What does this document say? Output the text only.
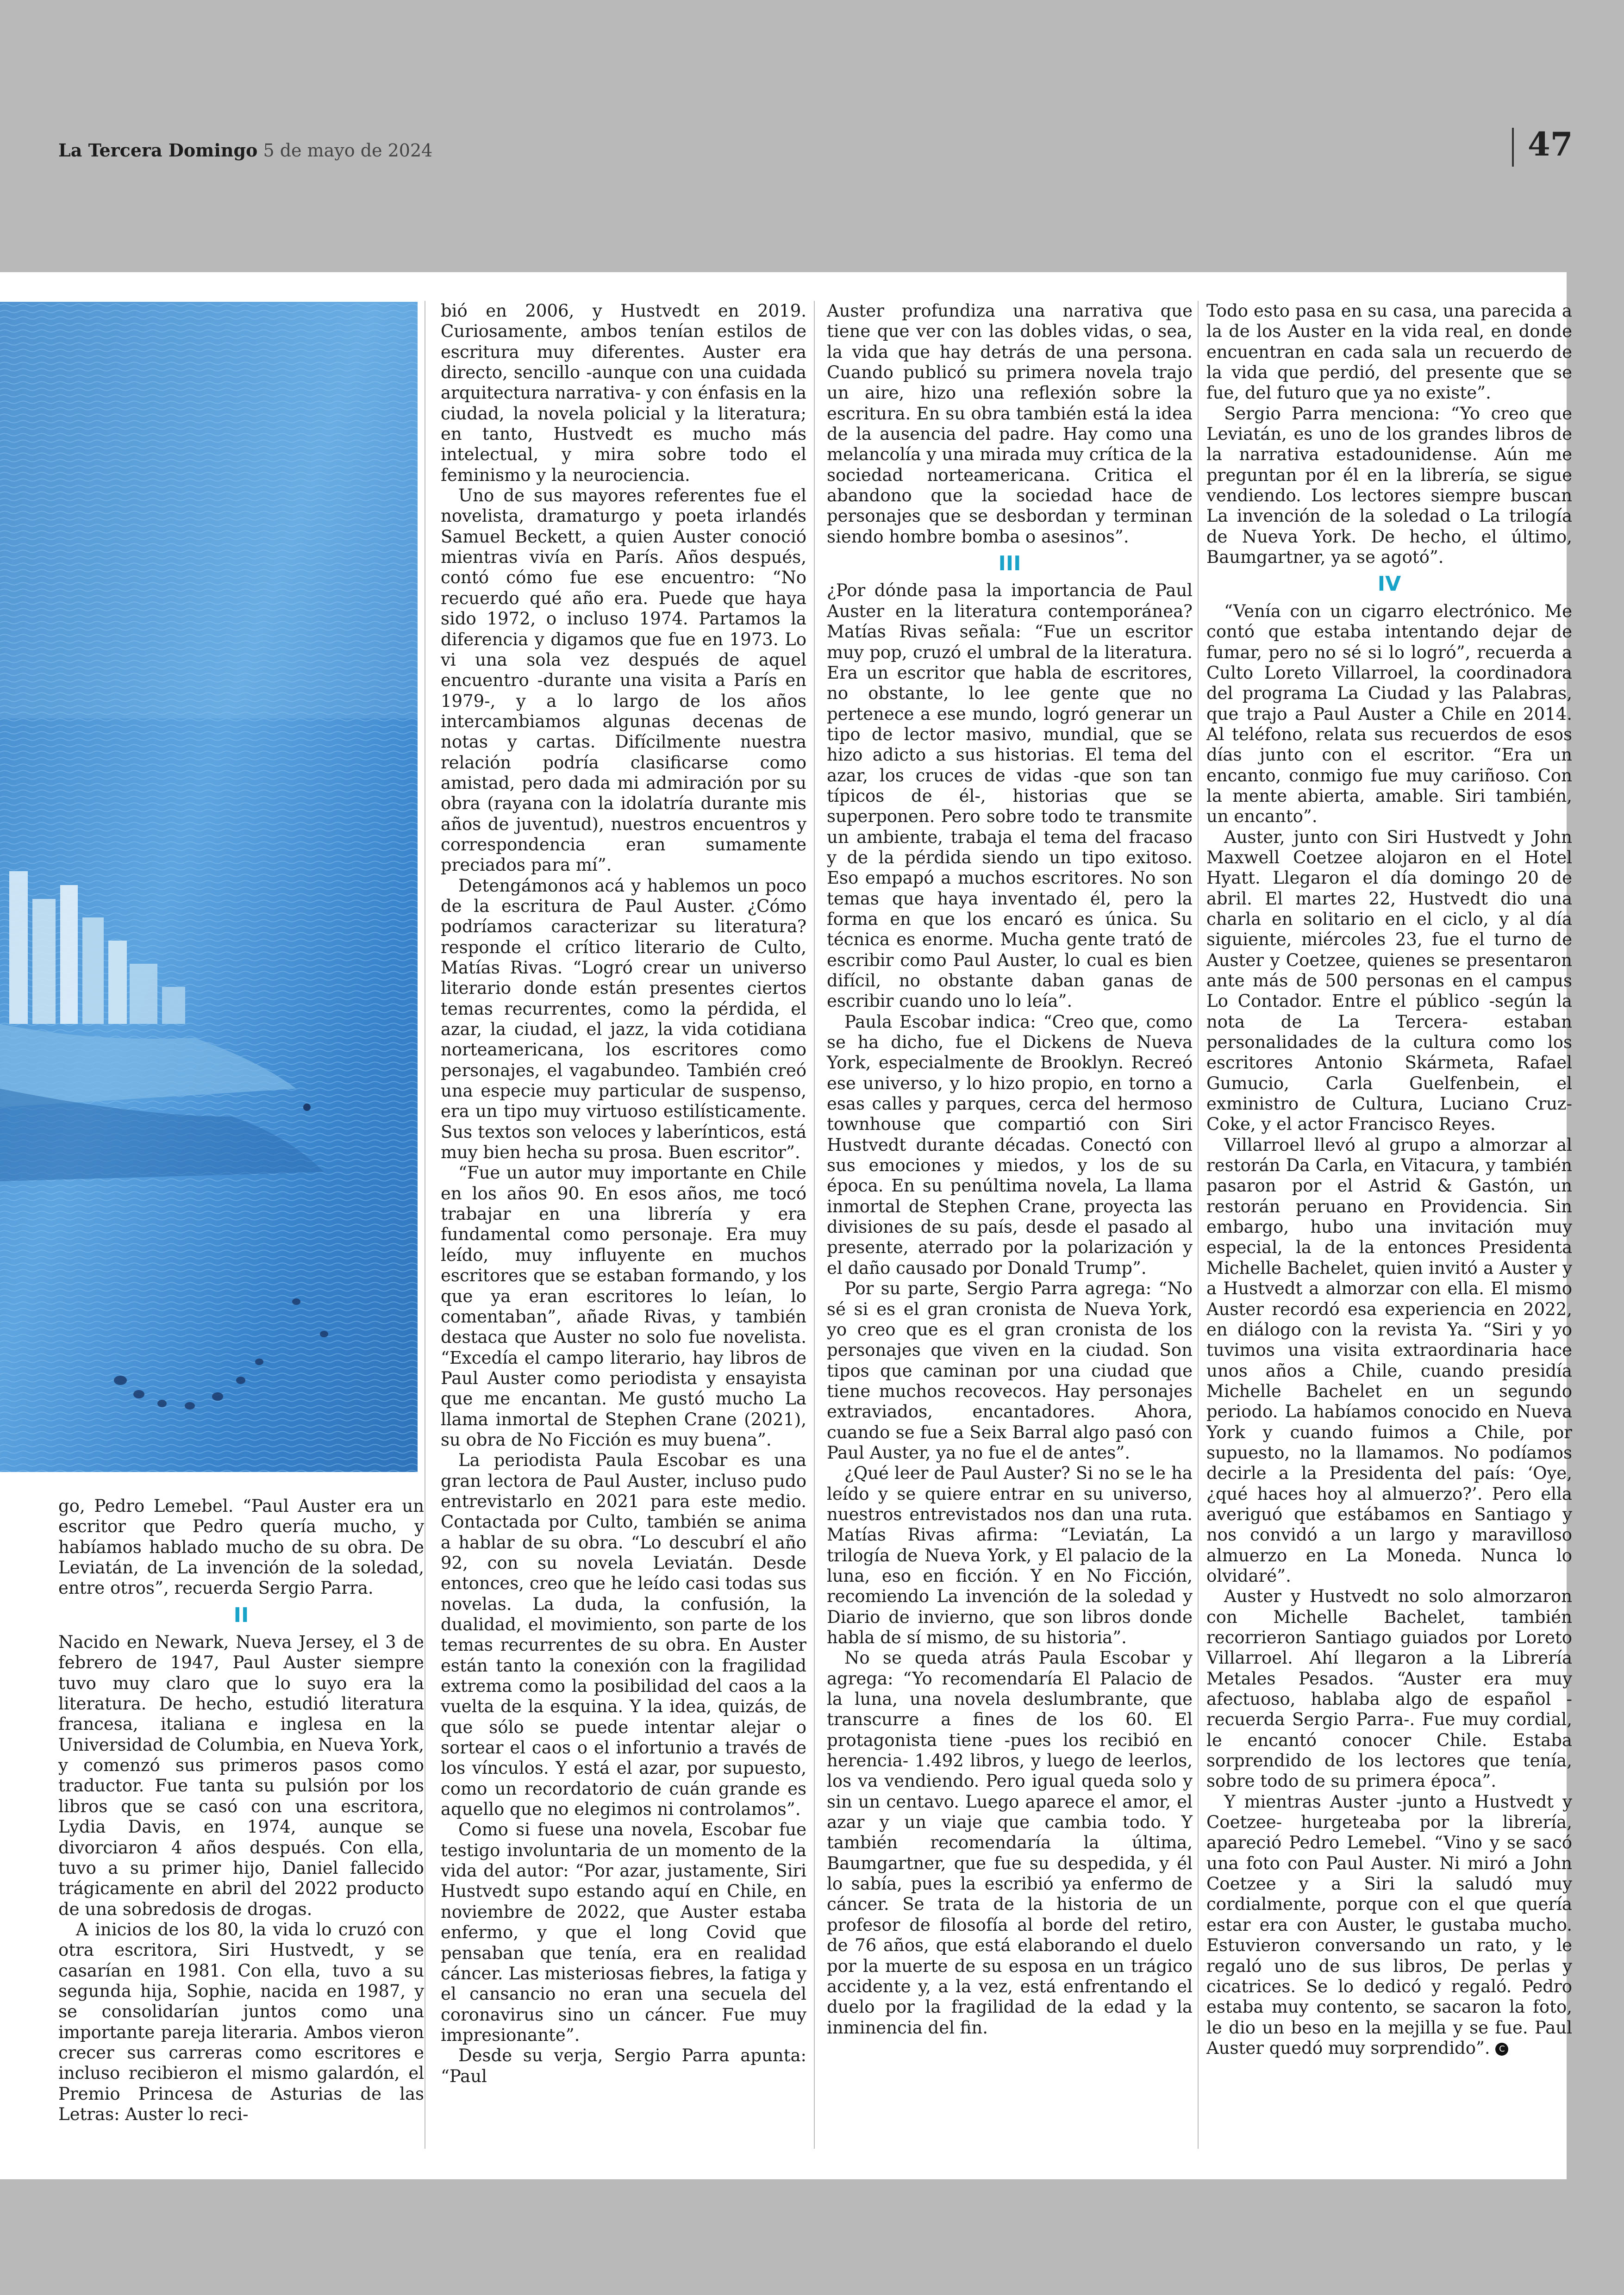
La Tercera Domingo 5 de mayo de 2024	47

go, Pedro Lemebel. “Paul Auster era un escritor que Pedro quería mucho, y habíamos hablado mucho de su obra. De Leviatán, de La invención de la soledad, entre otros”, recuerda Sergio Parra.

II

Nacido en Newark, Nueva Jersey, el 3 de febrero de 1947, Paul Auster siempre tuvo muy claro que lo suyo era la literatura. De hecho, estudió literatura francesa, italiana e inglesa en la Universidad de Columbia, en Nueva York, y comenzó sus primeros pasos como traductor. Fue tanta su pulsión por los libros que se casó con una escritora, Lydia Davis, en 1974, aunque se divorciaron 4 años después. Con ella, tuvo a su primer hijo, Daniel fallecido trágicamente en abril del 2022 producto de una sobredosis de drogas.

A inicios de los 80, la vida lo cruzó con otra escritora, Siri Hustvedt, y se casarían en 1981. Con ella, tuvo a su segunda hija, Sophie, nacida en 1987, y se consolidarían juntos como una importante pareja literaria. Ambos vieron crecer sus carreras como escritores e incluso recibieron el mismo galardón, el Premio Princesa de Asturias de las Letras: Auster lo reci-

bió en 2006, y Hustvedt en 2019. Curiosamente, ambos tenían estilos de escritura muy diferentes. Auster era directo, sencillo -aunque con una cuidada arquitectura narrativa- y con énfasis en la ciudad, la novela policial y la literatura; en tanto, Hustvedt es mucho más intelectual, y mira sobre todo el feminismo y la neurociencia.

Uno de sus mayores referentes fue el novelista, dramaturgo y poeta irlandés Samuel Beckett, a quien Auster conoció mientras vivía en París. Años después, contó cómo fue ese encuentro: “No recuerdo qué año era. Puede que haya sido 1972, o incluso 1974. Partamos la diferencia y digamos que fue en 1973. Lo vi una sola vez después de aquel encuentro -durante una visita a París en 1979-, y a lo largo de los años intercambiamos algunas decenas de notas y cartas. Difícilmente nuestra relación podría clasificarse como amistad, pero dada mi admiración por su obra (rayana con la idolatría durante mis años de juventud), nuestros encuentros y correspondencia eran sumamente preciados para mí”.

Detengámonos acá y hablemos un poco de la escritura de Paul Auster. ¿Cómo podríamos caracterizar su literatura? responde el crítico literario de Culto, Matías Rivas. “Logró crear un universo literario donde están presentes ciertos temas recurrentes, como la pérdida, el azar, la ciudad, el jazz, la vida cotidiana norteamericana, los escritores como personajes, el vagabundeo. También creó una especie muy particular de suspenso, era un tipo muy virtuoso estilísticamente. Sus textos son veloces y laberínticos, está muy bien hecha su prosa. Buen escritor”.

“Fue un autor muy importante en Chile en los años 90. En esos años, me tocó trabajar en una librería y era fundamental como personaje. Era muy leído, muy influyente en muchos escritores que se estaban formando, y los que ya eran escritores lo leían, lo comentaban”, añade Rivas, y también destaca que Auster no solo fue novelista. “Excedía el campo literario, hay libros de Paul Auster como periodista y ensayista que me encantan. Me gustó mucho La llama inmortal de Stephen Crane (2021), su obra de No Ficción es muy buena”.

La periodista Paula Escobar es una gran lectora de Paul Auster, incluso pudo entrevistarlo en 2021 para este medio. Contactada por Culto, también se anima a hablar de su obra. “Lo descubrí el año 92, con su novela Leviatán. Desde entonces, creo que he leído casi todas sus novelas. La duda, la confusión, la dualidad, el movimiento, son parte de los temas recurrentes de su obra. En Auster están tanto la conexión con la fragilidad extrema como la posibilidad del caos a la vuelta de la esquina. Y la idea, quizás, de que sólo se puede intentar alejar o sortear el caos o el infortunio a través de los vínculos. Y está el azar, por supuesto, como un recordatorio de cuán grande es aquello que no elegimos ni controlamos”.

Como si fuese una novela, Escobar fue testigo involuntaria de un momento de la vida del autor: “Por azar, justamente, Siri Hustvedt supo estando aquí en Chile, en noviembre de 2022, que Auster estaba enfermo, y que el long Covid que pensaban que tenía, era en realidad cáncer. Las misteriosas fiebres, la fatiga y el cansancio no eran una secuela del coronavirus sino un cáncer. Fue muy impresionante”.

Desde su verja, Sergio Parra apunta: “Paul

Auster profundiza una narrativa que tiene que ver con las dobles vidas, o sea, la vida que hay detrás de una persona. Cuando publicó su primera novela trajo un aire, hizo una reflexión sobre la escritura. En su obra también está la idea de la ausencia del padre. Hay como una melancolía y una mirada muy crítica de la sociedad norteamericana. Critica el abandono que la sociedad hace de personajes que se desbordan y terminan siendo hombre bomba o asesinos”.

III

¿Por dónde pasa la importancia de Paul Auster en la literatura contemporánea? Matías Rivas señala: “Fue un escritor muy pop, cruzó el umbral de la literatura. Era un escritor que habla de escritores, no obstante, lo lee gente que no pertenece a ese mundo, logró generar un tipo de lector masivo, mundial, que se hizo adicto a sus historias. El tema del azar, los cruces de vidas -que son tan típicos de él-, historias que se superponen. Pero sobre todo te transmite un ambiente, trabaja el tema del fracaso y de la pérdida siendo un tipo exitoso. Eso empapó a muchos escritores. No son temas que haya inventado él, pero la forma en que los encaró es única. Su técnica es enorme. Mucha gente trató de escribir como Paul Auster, lo cual es bien difícil, no obstante daban ganas de escribir cuando uno lo leía”.

Paula Escobar indica: “Creo que, como se ha dicho, fue el Dickens de Nueva York, especialmente de Brooklyn. Recreó ese universo, y lo hizo propio, en torno a esas calles y parques, cerca del hermoso townhouse que compartió con Siri Hustvedt durante décadas. Conectó con sus emociones y miedos, y los de su época. En su penúltima novela, La llama inmortal de Stephen Crane, proyecta las divisiones de su país, desde el pasado al presente, aterrado por la polarización y el daño causado por Donald Trump”.

Por su parte, Sergio Parra agrega: “No sé si es el gran cronista de Nueva York, yo creo que es el gran cronista de los personajes que viven en la ciudad. Son tipos que caminan por una ciudad que tiene muchos recovecos. Hay personajes extraviados, encantadores. Ahora, cuando se fue a Seix Barral algo pasó con Paul Auster, ya no fue el de antes”.

¿Qué leer de Paul Auster? Si no se le ha leído y se quiere entrar en su universo, nuestros entrevistados nos dan una ruta. Matías Rivas afirma: “Leviatán, La trilogía de Nueva York, y El palacio de la luna, eso en ficción. Y en No Ficción, recomiendo La invención de la soledad y Diario de invierno, que son libros donde habla de sí mismo, de su historia”.

No se queda atrás Paula Escobar y agrega: “Yo recomendaría El Palacio de la luna, una novela deslumbrante, que transcurre a fines de los 60. El protagonista tiene -pues los recibió en herencia- 1.492 libros, y luego de leerlos, los va vendiendo. Pero igual queda solo y sin un centavo. Luego aparece el amor, el azar y un viaje que cambia todo. Y también recomendaría la última, Baumgartner, que fue su despedida, y él lo sabía, pues la escribió ya enfermo de cáncer. Se trata de la historia de un profesor de filosofía al borde del retiro, de 76 años, que está elaborando el duelo por la muerte de su esposa en un trágico accidente y, a la vez, está enfrentando el duelo por la fragilidad de la edad y la inminencia del fin.

Todo esto pasa en su casa, una parecida a la de los Auster en la vida real, en donde encuentran en cada sala un recuerdo de la vida que perdió, del presente que se fue, del futuro que ya no existe”.

Sergio Parra menciona: “Yo creo que Leviatán, es uno de los grandes libros de la narrativa estadounidense. Aún me preguntan por él en la librería, se sigue vendiendo. Los lectores siempre buscan La invención de la soledad o La trilogía de Nueva York. De hecho, el último, Baumgartner, ya se agotó”.

IV

“Venía con un cigarro electrónico. Me contó que estaba intentando dejar de fumar, pero no sé si lo logró”, recuerda a Culto Loreto Villarroel, la coordinadora del programa La Ciudad y las Palabras, que trajo a Paul Auster a Chile en 2014. Al teléfono, relata sus recuerdos de esos días junto con el escritor. “Era un encanto, conmigo fue muy cariñoso. Con la mente abierta, amable. Siri también, un encanto”.

Auster, junto con Siri Hustvedt y John Maxwell Coetzee alojaron en el Hotel Hyatt. Llegaron el día domingo 20 de abril. El martes 22, Hustvedt dio una charla en solitario en el ciclo, y al día siguiente, miércoles 23, fue el turno de Auster y Coetzee, quienes se presentaron ante más de 500 personas en el campus Lo Contador. Entre el público -según la nota de La Tercera- estaban personalidades de la cultura como los escritores Antonio Skármeta, Rafael Gumucio, Carla Guelfenbein, el exministro de Cultura, Luciano Cruz-Coke, y el actor Francisco Reyes.

Villarroel llevó al grupo a almorzar al restorán Da Carla, en Vitacura, y también pasaron por el Astrid & Gastón, un restorán peruano en Providencia. Sin embargo, hubo una invitación muy especial, la de la entonces Presidenta Michelle Bachelet, quien invitó a Auster y a Hustvedt a almorzar con ella. El mismo Auster recordó esa experiencia en 2022, en diálogo con la revista Ya. “Siri y yo tuvimos una visita extraordinaria hace unos años a Chile, cuando presidía Michelle Bachelet en un segundo periodo. La habíamos conocido en Nueva York y cuando fuimos a Chile, por supuesto, no la llamamos. No podíamos decirle a la Presidenta del país: ‘Oye, ¿qué haces hoy al almuerzo?’. Pero ella averiguó que estábamos en Santiago y nos convidó a un largo y maravilloso almuerzo en La Moneda. Nunca lo olvidaré”.

Auster y Hustvedt no solo almorzaron con Michelle Bachelet, también recorrieron Santiago guiados por Loreto Villarroel. Ahí llegaron a la Librería Metales Pesados. “Auster era muy afectuoso, hablaba algo de español -recuerda Sergio Parra-. Fue muy cordial, le encantó conocer Chile. Estaba sorprendido de los lectores que tenía, sobre todo de su primera época”.

Y mientras Auster -junto a Hustvedt y Coetzee- hurgeteaba por la librería, apareció Pedro Lemebel. “Vino y se sacó una foto con Paul Auster. Ni miró a John Coetzee y a Siri la saludó muy cordialmente, porque con el que quería estar era con Auster, le gustaba mucho. Estuvieron conversando un rato, y le regaló uno de sus libros, De perlas y cicatrices. Se lo dedicó y regaló. Pedro estaba muy contento, se sacaron la foto, le dio un beso en la mejilla y se fue. Paul Auster quedó muy sorprendido”. C
